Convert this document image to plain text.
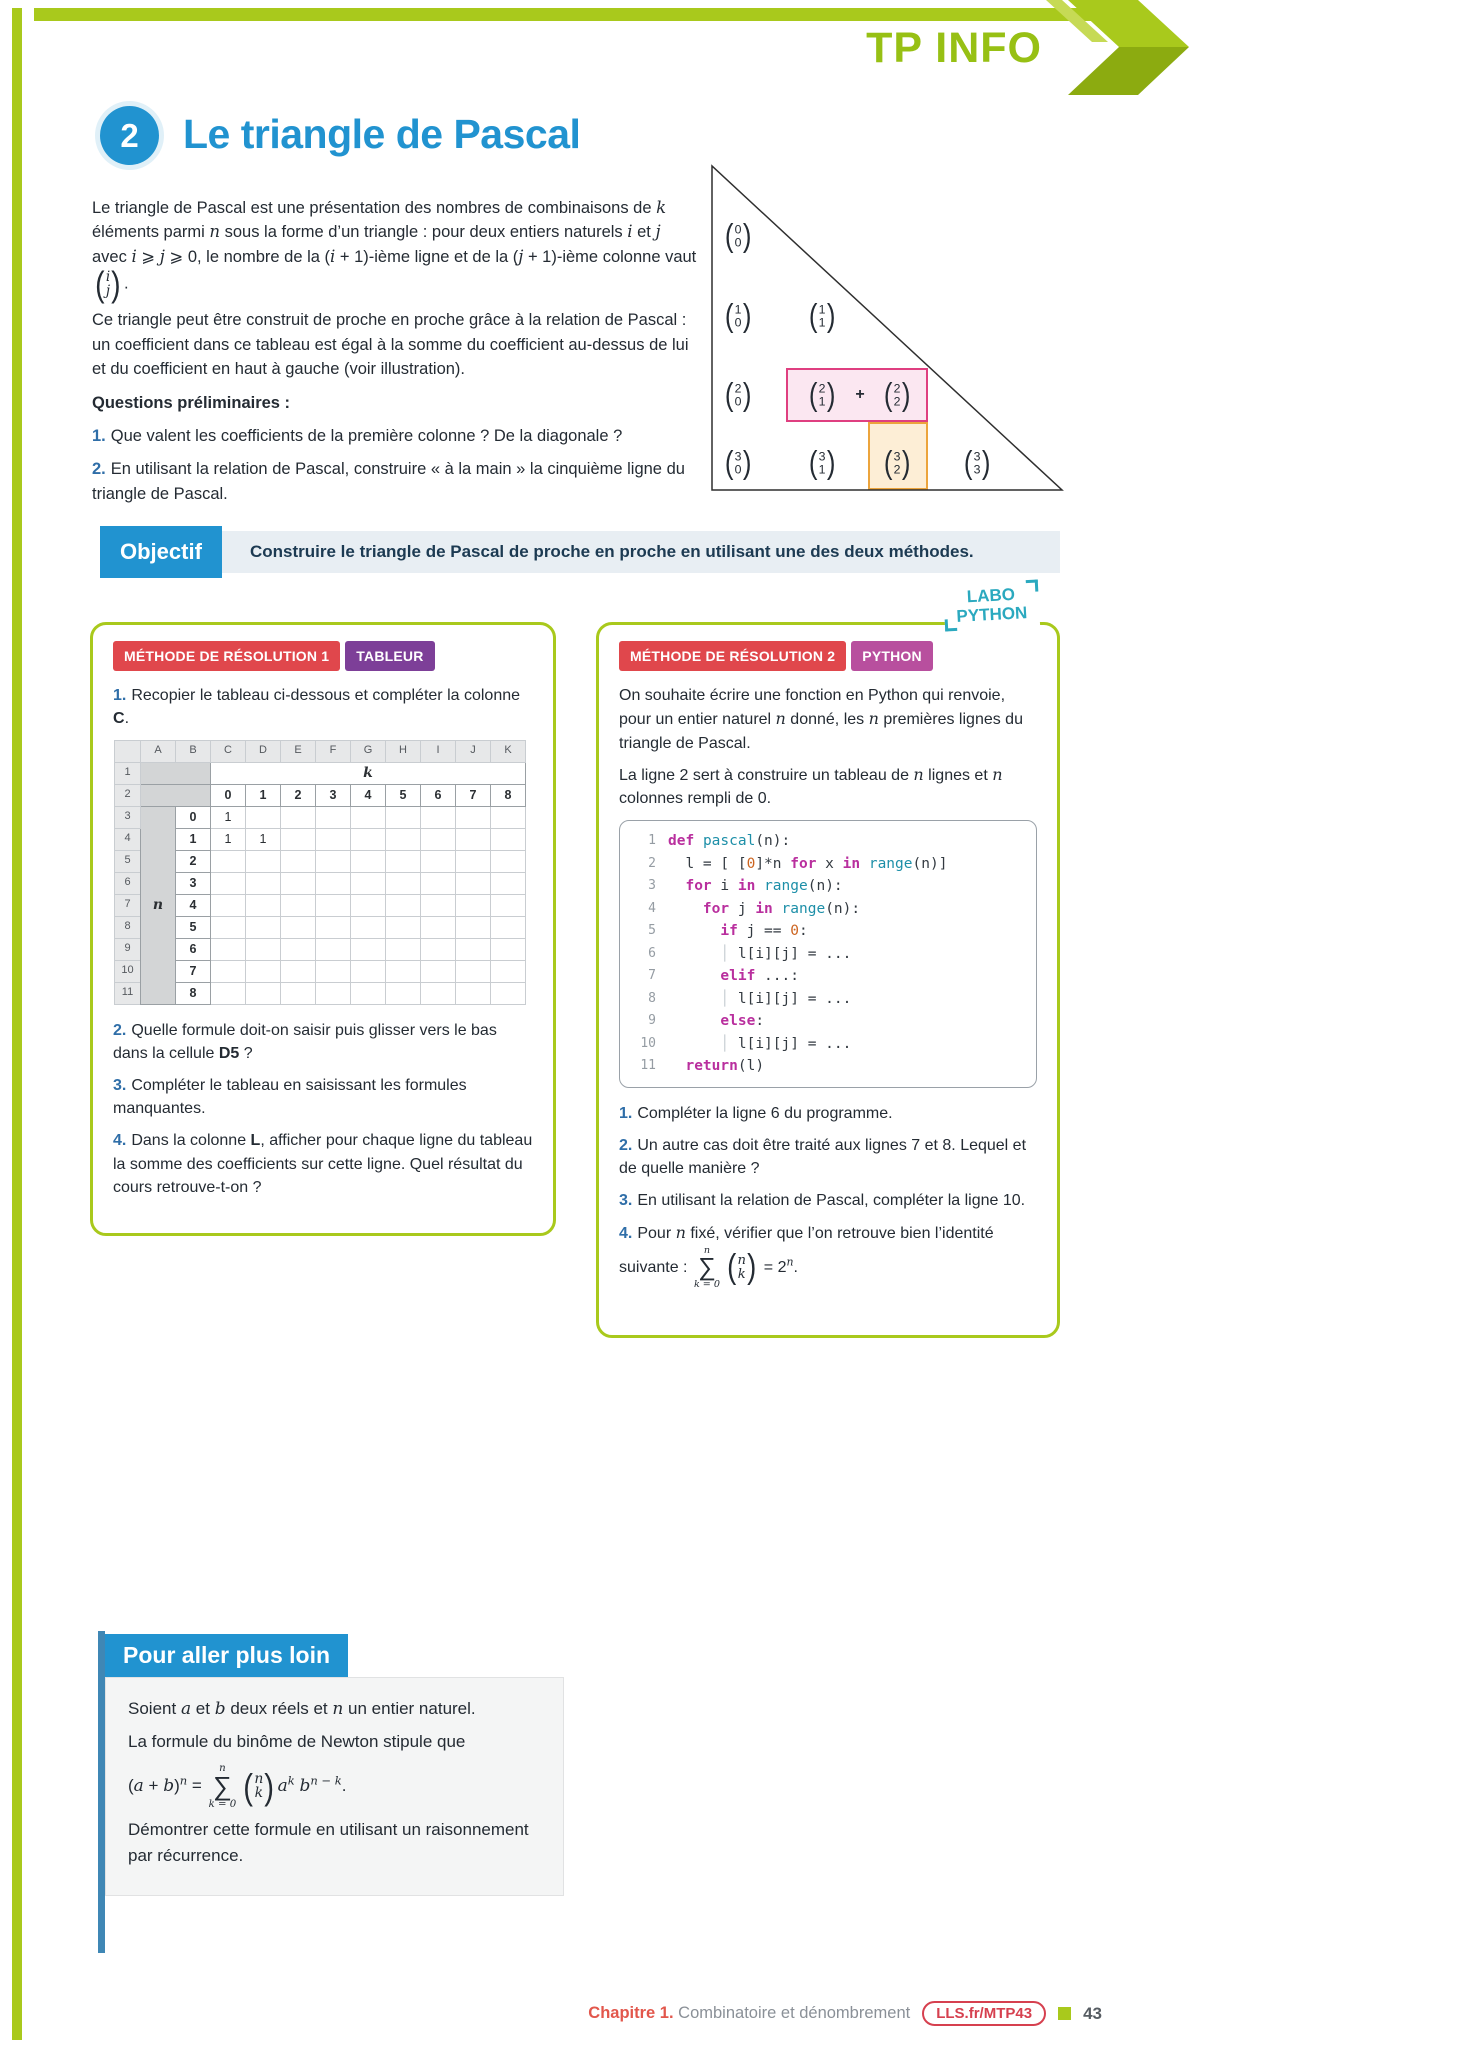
TP INFO
2	Le triangle de Pascal

Le triangle de Pascal est une présentation des nombres de combinaisons de k éléments parmi n sous la forme d’un triangle : pour deux entiers naturels i et j avec i ⩾ j ⩾ 0, le nombre de la (i + 1)-ième ligne et de la (j + 1)-ième colonne vaut
( i
j ) .

Ce triangle peut être construit de proche en proche grâce à la relation de Pascal : un coefficient dans ce tableau est égal à la somme du coefficient au-dessus de lui et du coefficient en haut à gauche (voir illustration).

Questions préliminaires :

1. Que valent les coefficients de la première colonne ? De la diagonale ?

2. En utilisant la relation de Pascal, construire « à la main » la cinquième ligne du triangle de Pascal.

( 0
0 )
( 1
0 ) ( 1
1 )
( 2
0 ) ( 2
1 ) + ( 2
2 )
( 3
0 ) ( 3
1 ) ( 3
2 ) ( 3
3 )
Objectif	Construire le triangle de Pascal de proche en proche en utilisant une des deux méthodes.
LABO
PYTHON
MÉTHODE DE RÉSOLUTION 1	TABLEUR

1. Recopier le tableau ci-dessous et compléter la colonne C.

	A	B	C	D	E	F	G	H	I	J	K
1			k								
2			0	1	2	3	4	5	6	7	8
3	n	0	1								
4		1	1	1							
5		2									
6		3									
7		4									
8		5									
9		6									
10		7									
11		8									

2. Quelle formule doit-on saisir puis glisser vers le bas dans la cellule D5 ?

3. Compléter le tableau en saisissant les formules manquantes.

4. Dans la colonne L, afficher pour chaque ligne du tableau la somme des coefficients sur cette ligne. Quel résultat du cours retrouve-t-on ?

MÉTHODE DE RÉSOLUTION 2	PYTHON

On souhaite écrire une fonction en Python qui renvoie, pour un entier naturel n donné, les n premières lignes du triangle de Pascal.

La ligne 2 sert à construire un tableau de n lignes et n colonnes rempli de 0.

1 def pascal(n):
2 l = [ [0]*n for x in range(n)]
3	for i in range(n):
4	for j in range(n):
5	if j == 0:
6	│ l[i][j] = ...
7	elif ...:
8	│ l[i][j] = ...
9	else:
10	│ l[i][j] = ...
11	return(l)

1. Compléter la ligne 6 du programme.

2. Un autre cas doit être traité aux lignes 7 et 8. Lequel et de quelle manière ?

3. En utilisant la relation de Pascal, compléter la ligne 10.

4. Pour n fixé, vérifier que l’on retrouve bien l’identité suivante :
n
∑
k = 0 ( n
k ) = $2^n$.

Pour aller plus loin

Soient a et b deux réels et n un entier naturel.

La formule du binôme de Newton stipule que

$(a + b)^n$ =
n
∑
k = 0 ( n
k ) $a^k$ $b^{n - k}$.

Démontrer cette formule en utilisant un raisonnement par récurrence.

Chapitre 1. Combinatoire et dénombrement	LLS.fr/MTP43	43
